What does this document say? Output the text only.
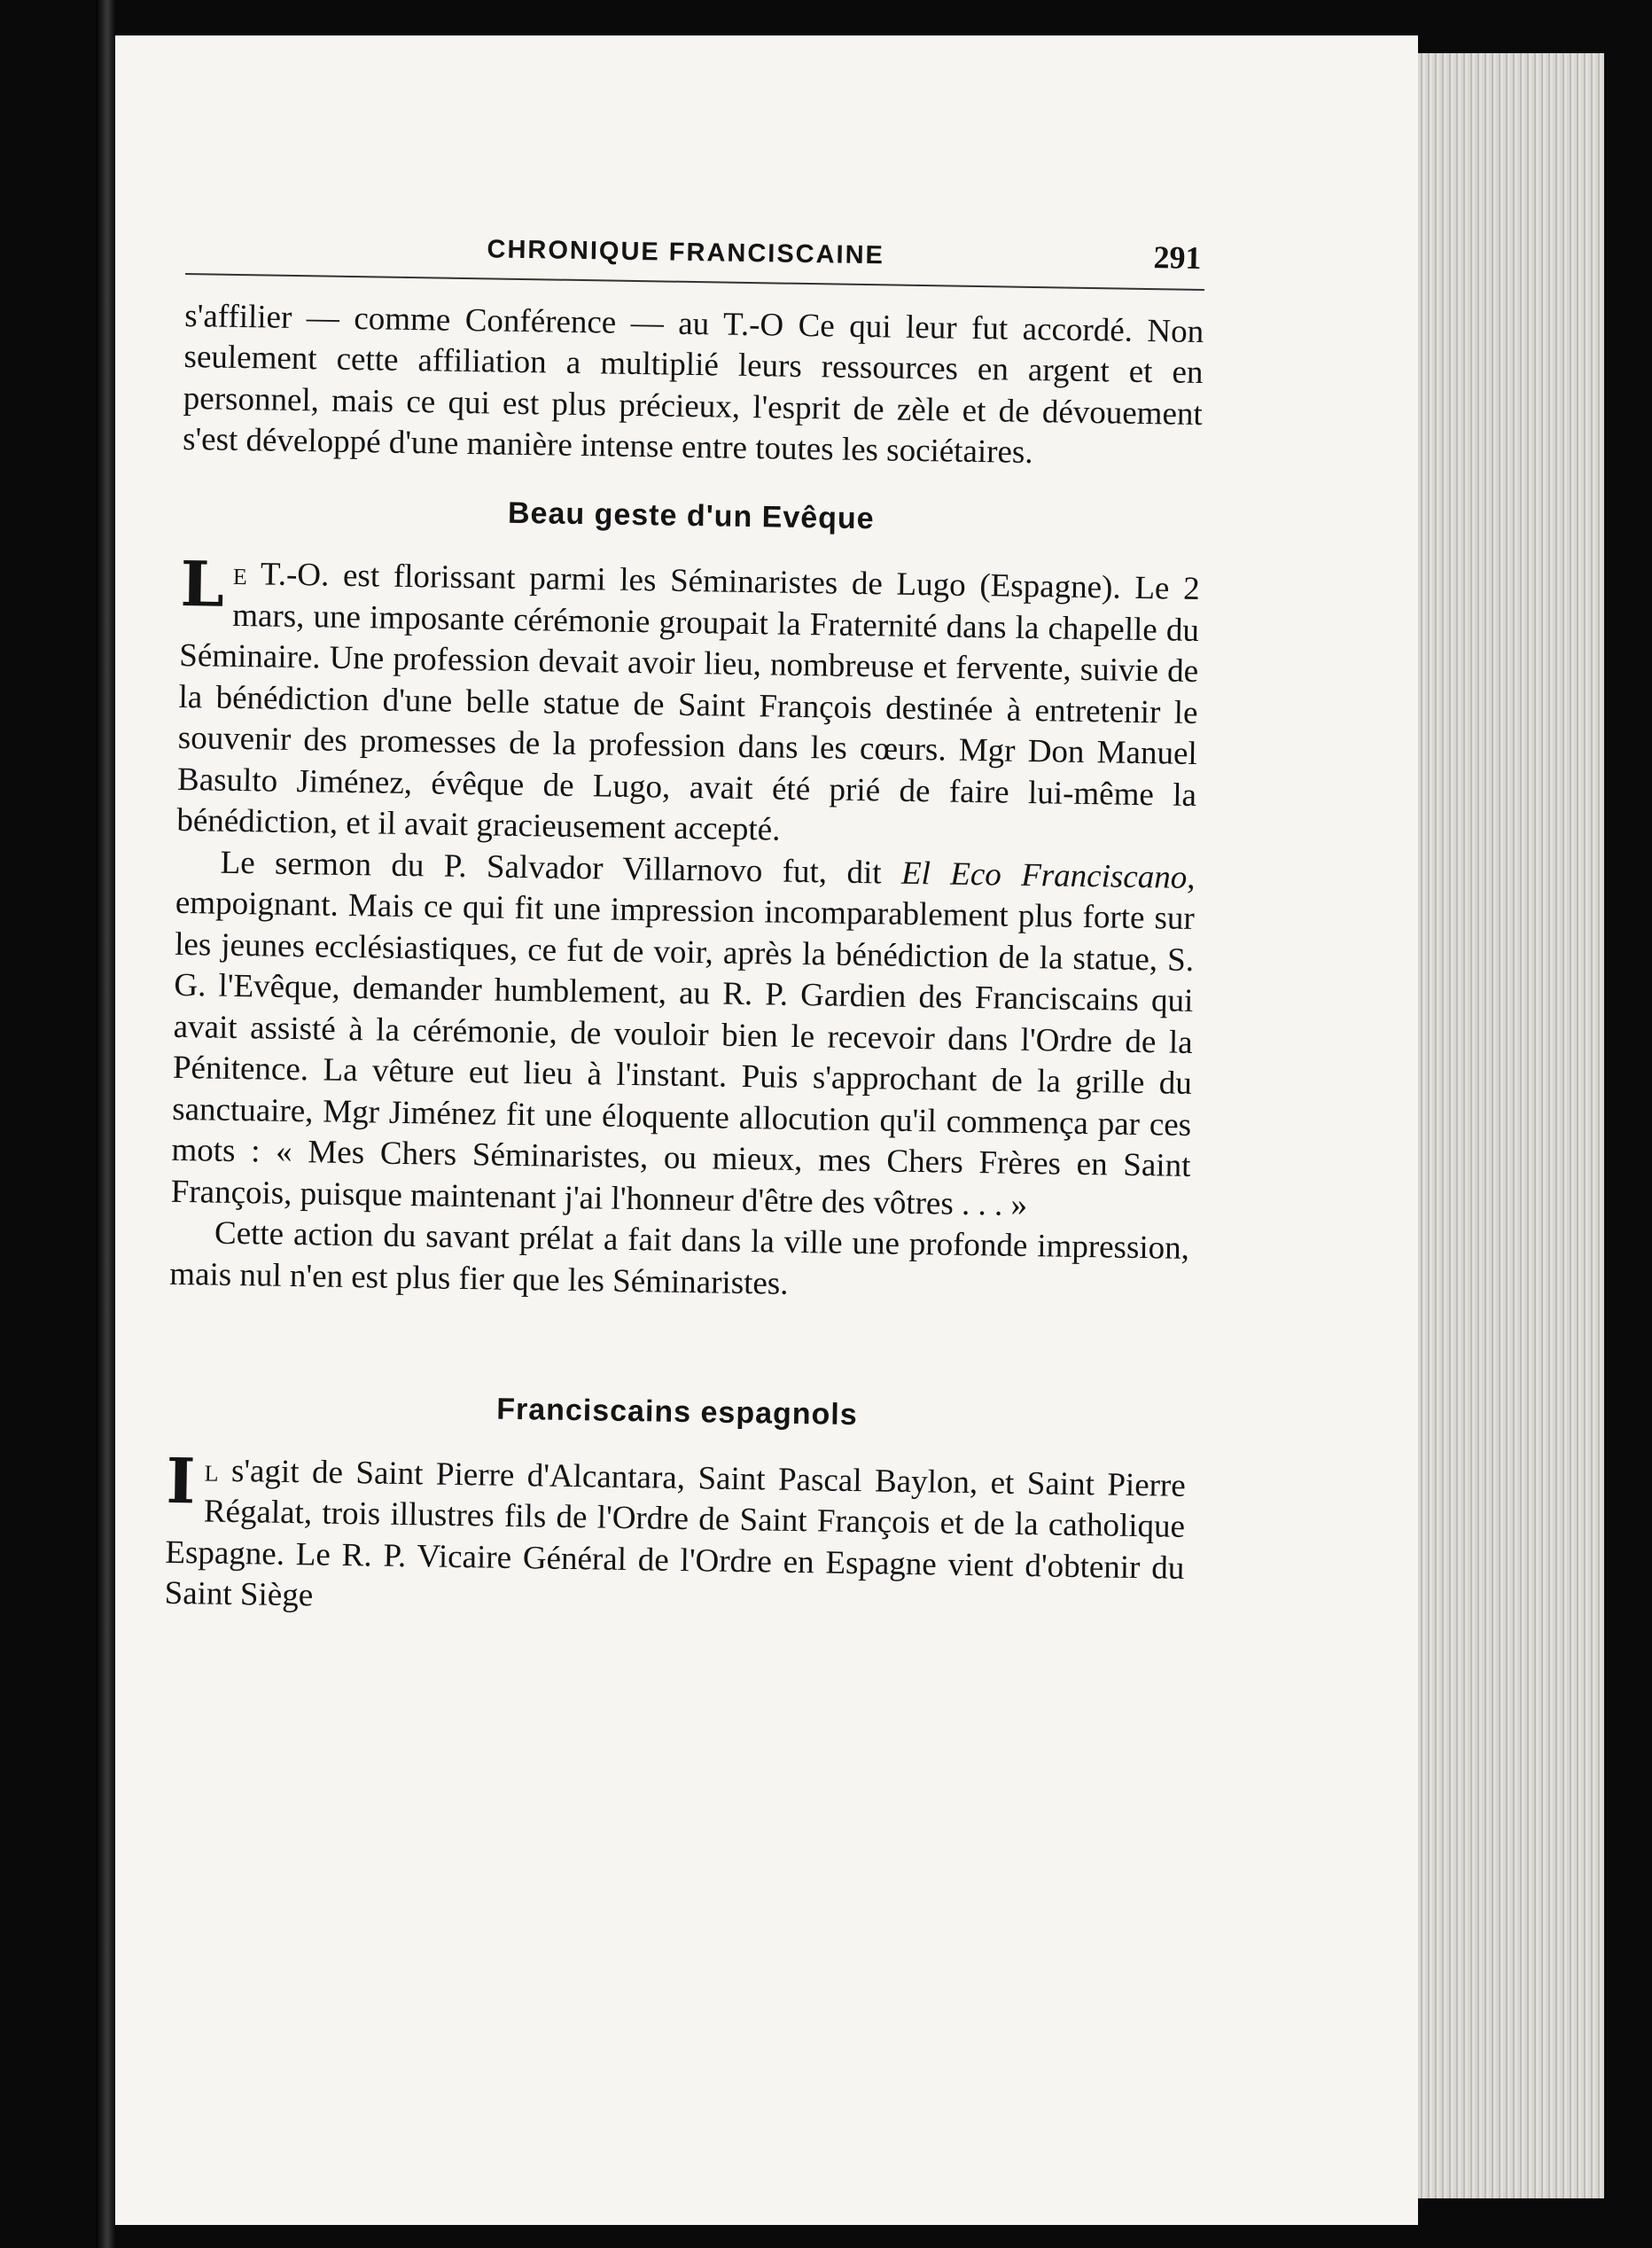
CHRONIQUE FRANCISCAINE	291

s'affilier — comme Conférence — au T.-O Ce qui leur fut accordé. Non seulement cette affiliation a multiplié leurs ressources en argent et en personnel, mais ce qui est plus précieux, l'esprit de zèle et de dévouement s'est développé d'une manière intense entre toutes les sociétaires.

Beau geste d'un Evêque

Le T.-O. est florissant parmi les Séminaristes de Lugo (Espagne). Le 2 mars, une imposante cérémonie groupait la Fraternité dans la chapelle du Séminaire. Une profession devait avoir lieu, nombreuse et fervente, suivie de la bénédiction d'une belle statue de Saint François destinée à entretenir le souvenir des promesses de la profession dans les cœurs. Mgr Don Manuel Basulto Jiménez, évêque de Lugo, avait été prié de faire lui-même la bénédiction, et il avait gracieusement accepté.

Le sermon du P. Salvador Villarnovo fut, dit El Eco Franciscano, empoignant. Mais ce qui fit une impression incomparablement plus forte sur les jeunes ecclésiastiques, ce fut de voir, après la bénédiction de la statue, S. G. l'Evêque, demander humblement, au R. P. Gardien des Franciscains qui avait assisté à la cérémonie, de vouloir bien le recevoir dans l'Ordre de la Pénitence. La vêture eut lieu à l'instant. Puis s'approchant de la grille du sanctuaire, Mgr Jiménez fit une éloquente allocution qu'il commença par ces mots : « Mes Chers Séminaristes, ou mieux, mes Chers Frères en Saint François, puisque maintenant j'ai l'honneur d'être des vôtres . . . »

Cette action du savant prélat a fait dans la ville une profonde impression, mais nul n'en est plus fier que les Séminaristes.

Franciscains espagnols

Il s'agit de Saint Pierre d'Alcantara, Saint Pascal Baylon, et Saint Pierre Régalat, trois illustres fils de l'Ordre de Saint François et de la catholique Espagne. Le R. P. Vicaire Général de l'Ordre en Espagne vient d'obtenir du Saint Siège
